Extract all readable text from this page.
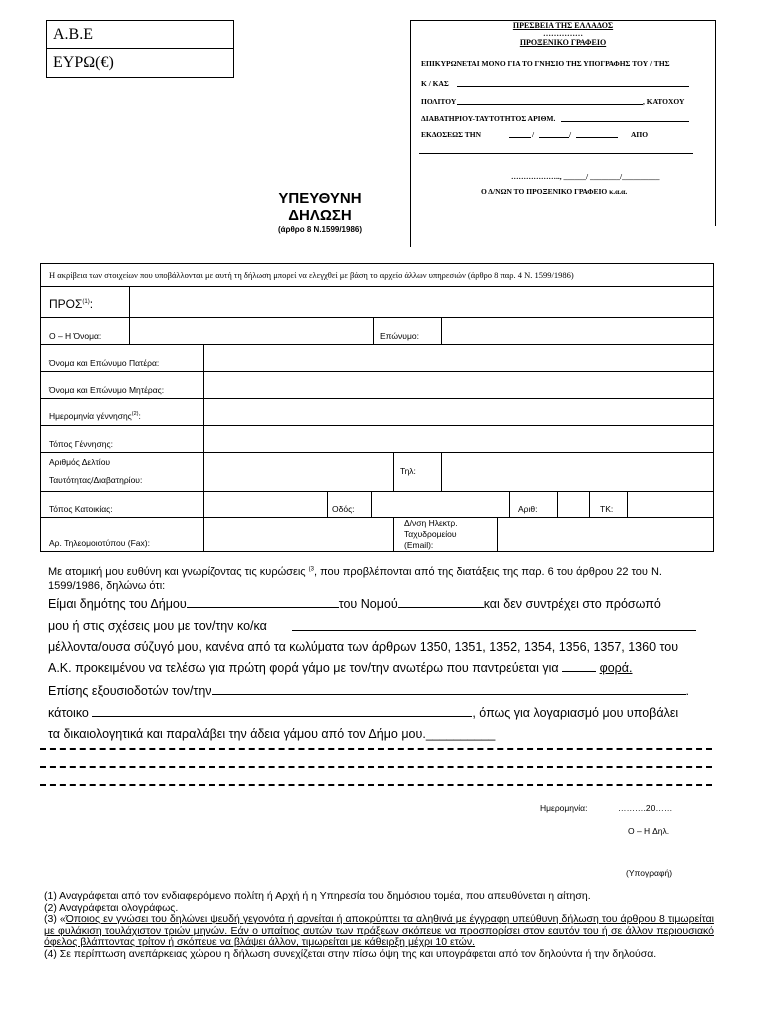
Α.Β.Ε
ΕΥΡΩ(€)
ΠΡΕΣΒΕΙΑ ΤΗΣ ΕΛΛΑΔΟΣ
……………
ΠΡΟΞΕΝΙΚΟ ΓΡΑΦΕΙΟ
ΕΠΙΚΥΡΩΝΕΤΑΙ ΜΟΝΟ ΓΙΑ ΤΟ ΓΝΗΣΙΟ ΤΗΣ ΥΠΟΓΡΑΦΗΣ ΤΟΥ / ΤΗΣ
Κ / ΚΑΣ
ΠΟΛΙΤΟΥ	, ΚΑΤΟΧΟΥ
ΔΙΑΒΑΤΗΡΙΟΥ-ΤΑΥΤΟΤΗΤΟΣ ΑΡΙΘΜ.
ΕΚΔΟΣΕΩΣ ΤΗΝ	/	/	ΑΠΟ
……………….., ______/ ________/__________
Ο Δ/ΝΩΝ ΤΟ ΠΡΟΞΕΝΙΚΟ ΓΡΑΦΕΙΟ κ.α.α.
ΥΠΕΥΘΥΝΗ
ΔΗΛΩΣΗ
(άρθρο 8 Ν.1599/1986)
Η ακρίβεια των στοιχείων που υποβάλλονται με αυτή τη δήλωση μπορεί να ελεγχθεί με βάση το αρχείο άλλων υπηρεσιών (άρθρο 8 παρ. 4 Ν. 1599/1986)
ΠΡΟΣ$^{(1)}$:
Ο – Η Όνομα:	Επώνυμο:
Όνομα και Επώνυμο Πατέρα:
Όνομα και Επώνυμο Μητέρας:
Ημερομηνία γέννησης$^{(2)}$:
Τόπος Γέννησης:
Αριθμός Δελτίου
Ταυτότητας/Διαβατηρίου:
Τηλ:
Τόπος Κατοικίας:	Οδός:	Αριθ:	ΤΚ:
Αρ. Τηλεομοιοτύπου (Fax):
Δ/νση Ηλεκτρ.
Ταχυδρομείου
(Email):
Με ατομική μου ευθύνη και γνωρίζοντας τις κυρώσεις $^{(3}$, που προβλέπονται από της διατάξεις της παρ. 6 του άρθρου 22 του Ν.
1599/1986, δηλώνω ότι:
Είμαι δημότης του Δήμου	του Νομού	και δεν συντρέχει στο πρόσωπό
μου ή στις σχέσεις μου με τον/την κο/κα
μέλλοντα/ουσα σύζυγό μου, κανένα από τα κωλύματα των άρθρων 1350, 1351, 1352, 1354, 1356, 1357, 1360 του
Α.Κ. προκειμένου να τελέσω για πρώτη φορά γάμο με τον/την ανωτέρω που παντρεύεται για	φορά.
Επίσης εξουσιοδοτών τον/την	.
κάτοικο	, όπως για λογαριασμό μου υποβάλει
τα δικαιολογητικά και παραλάβει την άδεια γάμου από τον Δήμο μου.__________
Ημερομηνία:	……….20……
Ο – Η Δηλ.
(Υπογραφή)

(1) Αναγράφεται από τον ενδιαφερόμενο πολίτη ή Αρχή ή η Υπηρεσία του δημόσιου τομέα, που απευθύνεται η αίτηση.

(2) Αναγράφεται ολογράφως.

(3) «Όποιος εν γνώσει του δηλώνει ψευδή γεγονότα ή αρνείται ή αποκρύπτει τα αληθινά με έγγραφη υπεύθυνη δήλωση του άρθρου 8 τιμωρείται με φυλάκιση τουλάχιστον τριών μηνών. Εάν ο υπαίτιος αυτών των πράξεων σκόπευε να προσπορίσει στον εαυτόν του ή σε άλλον περιουσιακό όφελος βλάπτοντας τρίτον ή σκόπευε να βλάψει άλλον, τιμωρείται με κάθειρξη μέχρι 10 ετών.

(4) Σε περίπτωση ανεπάρκειας χώρου η δήλωση συνεχίζεται στην πίσω όψη της και υπογράφεται από τον δηλούντα ή την δηλούσα.
